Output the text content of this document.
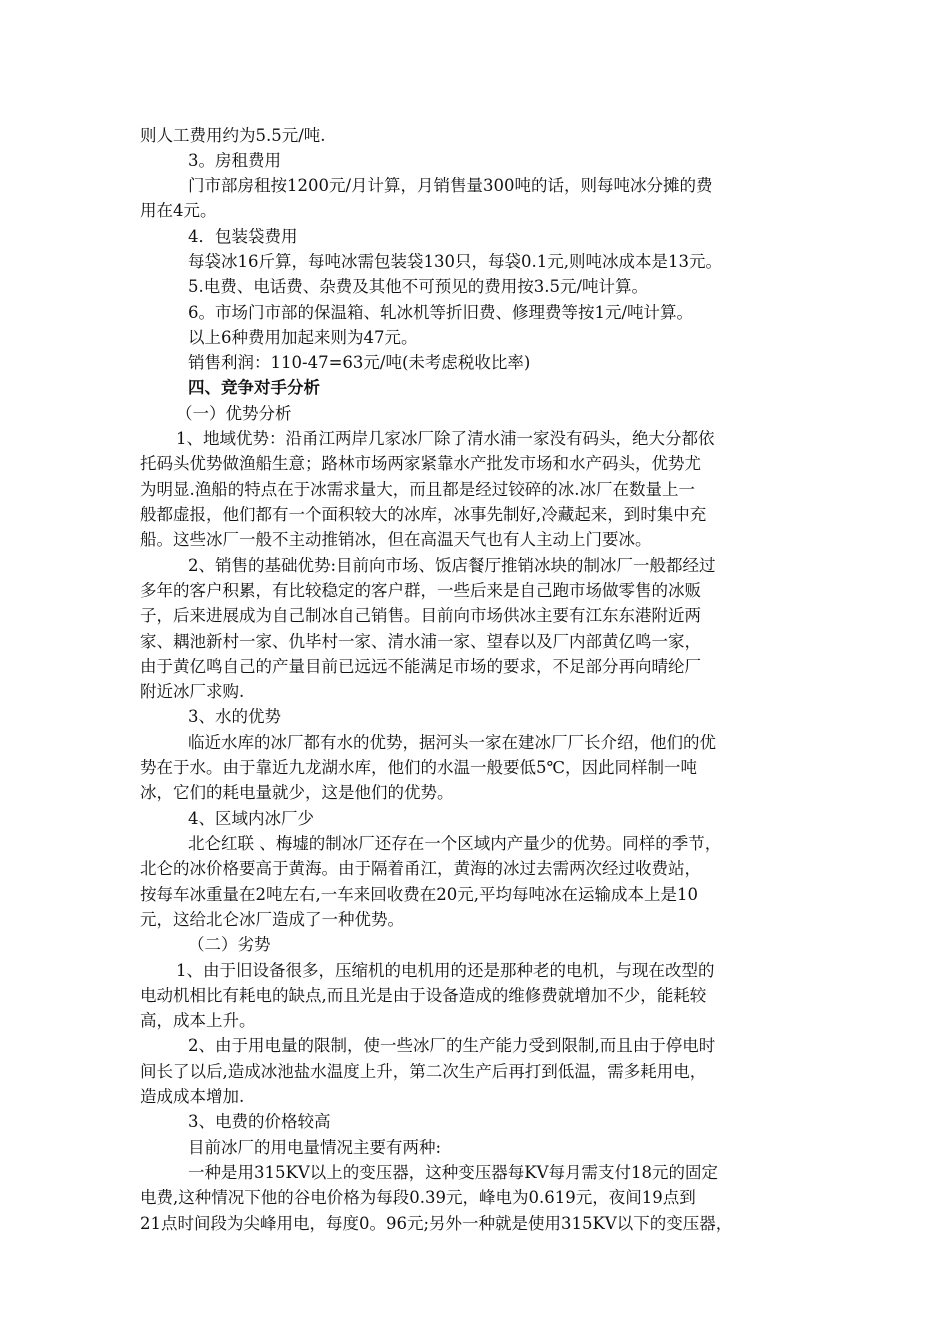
则人工费用约为5.5元/吨.
3。房租费用
门市部房租按1200元/月计算，月销售量300吨的话，则每吨冰分摊的费
用在4元。
4．包装袋费用
每袋冰16斤算，每吨冰需包装袋130只，每袋0.1元,则吨冰成本是13元。
5.电费、电话费、杂费及其他不可预见的费用按3.5元/吨计算。
6。市场门市部的保温箱、轧冰机等折旧费、修理费等按1元/吨计算。
以上6种费用加起来则为47元。
销售利润：110-47=63元/吨(未考虑税收比率)
四、竞争对手分析
（一）优势分析
1、地域优势：沿甬江两岸几家冰厂除了清水浦一家没有码头，绝大分都依
托码头优势做渔船生意；路林市场两家紧靠水产批发市场和水产码头，优势尤
为明显.渔船的特点在于冰需求量大，而且都是经过铰碎的冰.冰厂在数量上一
般都虚报，他们都有一个面积较大的冰库，冰事先制好,冷藏起来，到时集中充
船。这些冰厂一般不主动推销冰，但在高温天气也有人主动上门要冰。
2、销售的基础优势:目前向市场、饭店餐厅推销冰块的制冰厂一般都经过
多年的客户积累，有比较稳定的客户群，一些后来是自己跑市场做零售的冰贩
子，后来进展成为自己制冰自己销售。目前向市场供冰主要有江东东港附近两
家、耦池新村一家、仇毕村一家、清水浦一家、望春以及厂内部黄亿鸣一家，
由于黄亿鸣自己的产量目前已远远不能满足市场的要求，不足部分再向晴纶厂
附近冰厂求购.
3、水的优势
临近水库的冰厂都有水的优势，据河头一家在建冰厂厂长介绍，他们的优
势在于水。由于靠近九龙湖水库，他们的水温一般要低5℃，因此同样制一吨
冰，它们的耗电量就少，这是他们的优势。
4、区域内冰厂少
北仑红联 、梅墟的制冰厂还存在一个区域内产量少的优势。同样的季节，
北仑的冰价格要高于黄海。由于隔着甬江，黄海的冰过去需两次经过收费站，
按每车冰重量在2吨左右,一车来回收费在20元,平均每吨冰在运输成本上是10
元，这给北仑冰厂造成了一种优势。
（二）劣势
1、由于旧设备很多，压缩机的电机用的还是那种老的电机，与现在改型的
电动机相比有耗电的缺点,而且光是由于设备造成的维修费就增加不少，能耗较
高，成本上升。
2、由于用电量的限制，使一些冰厂的生产能力受到限制,而且由于停电时
间长了以后,造成冰池盐水温度上升，第二次生产后再打到低温，需多耗用电，
造成成本增加.
3、电费的价格较高
目前冰厂的用电量情况主要有两种:
一种是用315KV以上的变压器，这种变压器每KV每月需支付18元的固定
电费,这种情况下他的谷电价格为每段0.39元，峰电为0.619元，夜间19点到
21点时间段为尖峰用电，每度0。96元;另外一种就是使用315KV以下的变压器，
